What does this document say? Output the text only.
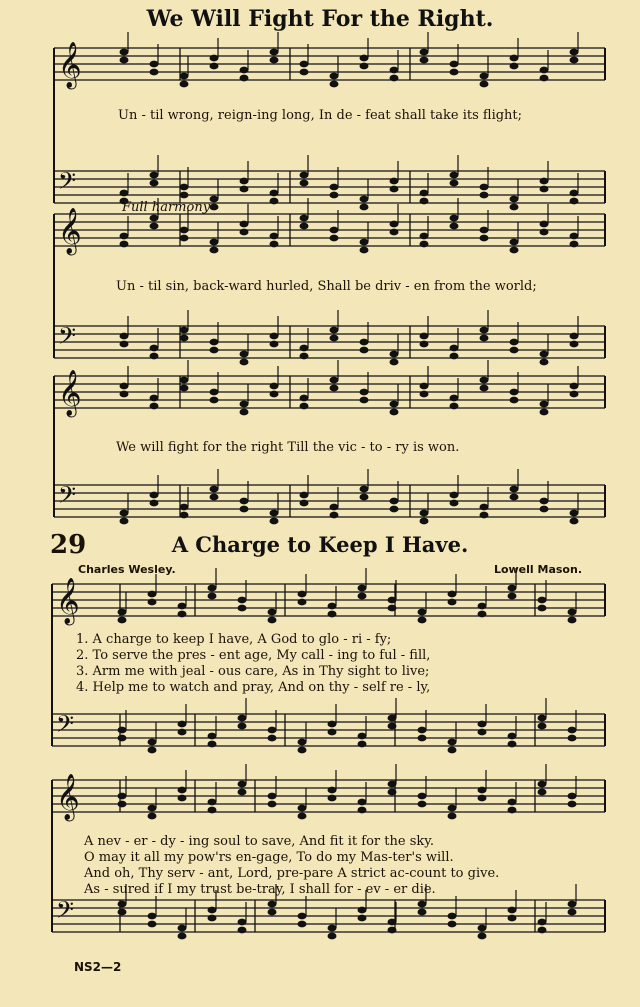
𝄞
𝄢
𝄞
𝄢
𝄞
𝄢
𝄞
𝄢
𝄞
𝄢
We Will Fight For the Right.
Un - til wrong, reign-ing long, In de - feat shall take its flight;
Full harmony
Un - til sin, back-ward hurled, Shall be driv - en from the world;
We will fight for the right Till the vic - to - ry is won.
29	A Charge to Keep I Have.
Charles Wesley.	Lowell Mason.
1. A charge to keep I have, A God to glo - ri - fy;
2. To serve the pres - ent age, My call - ing to ful - fill,
3. Arm me with jeal - ous care, As in Thy sight to live;
4. Help me to watch and pray, And on thy - self re - ly,
A nev - er - dy - ing soul to save, And fit it for the sky.
O may it all my pow'rs en-gage, To do my Mas-ter's will.
And oh, Thy serv - ant, Lord, pre-pare A strict ac-count to give.
As - sured if I my trust be-tray, I shall for - ev - er die.
NS2—2
